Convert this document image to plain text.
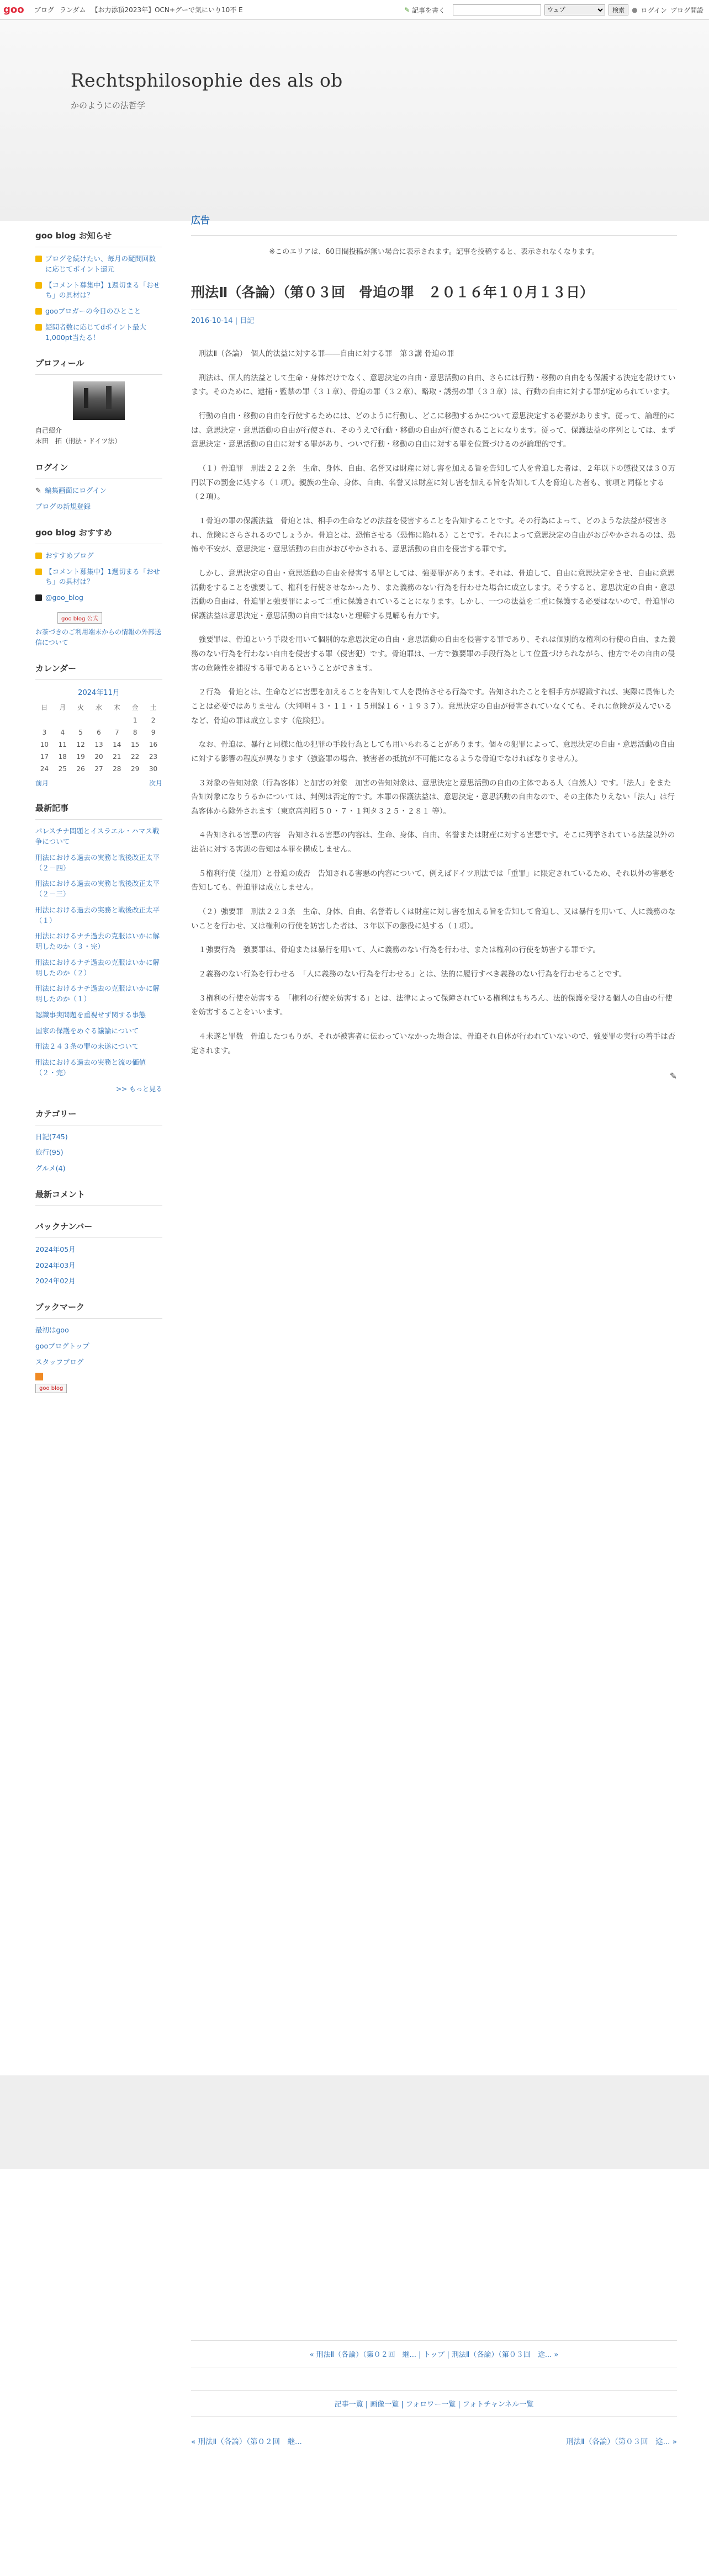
goo	ブログ ランダム 【お力添頂2023年】OCN+グーで気にいり10不 E	✎ 記事を書く
ウェブ	検索	● ログイン ブログ開設
Rechtsphilosophie des als ob
かのようにの法哲学
goo blog お知らせ
ブログを続けたい、毎月の疑問回数に応じてポイント還元
【コメント募集中】1週切まる「おせち」の具材は？
gooブロガーの今日のひとこと
疑問者数に応じてdポイント最大1,000pt当たる！
プロフィール
自己紹介
末田　拓（刑法・ドイツ法）
ログイン
✎ 編集画面にログイン
ブログの新規登録
goo blog おすすめ
おすすめブログ
【コメント募集中】1週切まる「おせち」の具材は？
@goo_blog
goo blog 公式
お茶づきのご利用端末からの情報の外部送信について
カレンダー
2024年11月
日	月	火	水	木	金	土
					1	2
3	4	5	6	7	8	9
10	11	12	13	14	15	16
17	18	19	20	21	22	23
24	25	26	27	28	29	30
前月	次月
最新記事
パレスチナ問題とイスラエル・ハマス戦争について
刑法における過去の実務と戦後改正太平（２－四）
刑法における過去の実務と戦後改正太平（２－三）
刑法における過去の実務と戦後改正太平（１）
刑法におけるナチ過去の克服はいかに解明したのか（３・完）
刑法におけるナチ過去の克服はいかに解明したのか（２）
刑法におけるナチ過去の克服はいかに解明したのか（１）
認識事実問題を重視せず関する事態
国家の保護をめぐる議論について
刑法２４３条の罪の未遂について
刑法における過去の実務と流の価値（２・完）
>> もっと見る
カテゴリー
日記(745)
旅行(95)
グルメ(4)
最新コメント
バックナンバー
2024年05月
2024年03月
2024年02月
ブックマーク
最初はgoo
gooブログトップ
スタッフブログ
goo blog
広告
※このエリアは、60日間投稿が無い場合に表示されます。記事を投稿すると、表示されなくなります。
刑法Ⅱ（各論）（第０３回　骨迫の罪　２０１６年１０月１３日）
2016-10-14 | 日記

刑法Ⅱ（各論）　個人的法益に対する罪――自由に対する罪　第３講 骨迫の罪

刑法は、個人的法益として生命・身体だけでなく、意思決定の自由・意思活動の自由、さらには行動・移動の自由をも保護する決定を設けています。そのために、逮捕・監禁の罪（３１章）、骨迫の罪（３２章）、略取・誘拐の罪（３３章）は、行動の自由に対する罪が定められています。

行動の自由・移動の自由を行使するためには、どのように行動し、どこに移動するかについて意思決定する必要があります。従って、論理的には、意思決定・意思活動の自由が行使され、そのうえで行動・移動の自由が行使されることになります。従って、保護法益の序列としては、まず意思決定・意思活動の自由に対する罪があり、ついで行動・移動の自由に対する罪を位置づけるのが論理的です。

（１）骨迫罪　刑法２２２条　生命、身体、自由、名誉又は財産に対し害を加える旨を告知して人を脅迫した者は、２年以下の懲役又は３０万円以下の罰金に処する（１項）。親族の生命、身体、自由、名誉又は財産に対し害を加える旨を告知して人を脅迫した者も、前項と同様とする（２項）。

１骨迫の罪の保護法益　骨迫とは、相手の生命などの法益を侵害することを告知することです。その行為によって、どのような法益が侵害され、危険にさらされるのでしょうか。骨迫とは、恐怖させる（恐怖に陥れる）ことです。それによって意思決定の自由がおびやかされるのは、恐怖や不安が、意思決定・意思活動の自由がおびやかされる、意思活動の自由を侵害する罪です。

しかし、意思決定の自由・意思活動の自由を侵害する罪としては、強要罪があります。それは、骨迫して、自由に意思決定をさせ、自由に意思活動をすることを強要して、権利を行使させなかったり、また義務のない行為を行わせた場合に成立します。そうすると、意思決定の自由・意思活動の自由は、骨迫罪と強要罪によって二重に保護されていることになります。しかし、一つの法益を二重に保護する必要はないので、骨迫罪の保護法益は意思決定・意思活動の自由ではないと理解する見解も有力です。

強要罪は、骨迫という手段を用いて個別的な意思決定の自由・意思活動の自由を侵害する罪であり、それは個別的な権利の行使の自由、また義務のない行為を行わない自由を侵害する罪（侵害犯）です。骨迫罪は、一方で強要罪の手段行為として位置づけられながら、他方でその自由の侵害の危険性を捕捉する罪であるということができます。

２行為　骨迫とは、生命などに害悪を加えることを告知して人を畏怖させる行為です。告知されたことを相手方が認識すれば、実際に畏怖したことは必要ではありません（大判明４３・１１・１５刑録１６・１９３７）。意思決定の自由が侵害されていなくても、それに危険が及んでいるなど、骨迫の罪は成立します（危険犯）。

なお、骨迫は、暴行と同様に他の犯罪の手段行為としても用いられることがあります。個々の犯罪によって、意思決定の自由・意思活動の自由に対する影響の程度が異なります（強盗罪の場合、被害者の抵抗が不可能になるような骨迫でなければなりません）。

３対象の告知対象（行為客体）と加害の対象　加害の告知対象は、意思決定と意思活動の自由の主体である人（自然人）です。「法人」をまた告知対象になりうるかについては、判例は否定的です。本罪の保護法益は、意思決定・意思活動の自由なので、その主体たりえない「法人」は行為客体から除外されます（東京高判昭５０・７・１判タ３２５・２８１ 等）。

４告知される害悪の内容　告知される害悪の内容は、生命、身体、自由、名誉または財産に対する害悪です。そこに列挙されている法益以外の法益に対する害悪の告知は本罪を構成しません。

５権利行使（益用）と骨迫の成否　告知される害悪の内容について、例えばドイツ刑法では「重罪」に限定されているため、それ以外の害悪を告知しても、骨迫罪は成立しません。

（２）強要罪　刑法２２３条　生命、身体、自由、名誉若しくは財産に対し害を加える旨を告知して脅迫し、又は暴行を用いて、人に義務のないことを行わせ、又は権利の行使を妨害した者は、３年以下の懲役に処する（１項）。

１強要行為　強要罪は、骨迫または暴行を用いて、人に義務のない行為を行わせ、または権利の行使を妨害する罪です。

２義務のない行為を行わせる　「人に義務のない行為を行わせる」とは、法的に履行すべき義務のない行為を行わせることです。

３権利の行使を妨害する　「権利の行使を妨害する」とは、法律によって保障されている権利はもちろん、法的保護を受ける個人の自由の行使を妨害することをいいます。

４未遂と罪数　骨迫したつもりが、それが被害者に伝わっていなかった場合は、骨迫それ自体が行われていないので、強要罪の実行の着手は否定されます。

✎
« 刑法Ⅱ（各論）（第０２回　継... | トップ | 刑法Ⅱ（各論）（第０３回　途... »
記事一覧 | 画像一覧 | フォロワー一覧 | フォトチャンネル一覧
« 刑法Ⅱ（各論）（第０２回　継...	刑法Ⅱ（各論）（第０３回　途... »
